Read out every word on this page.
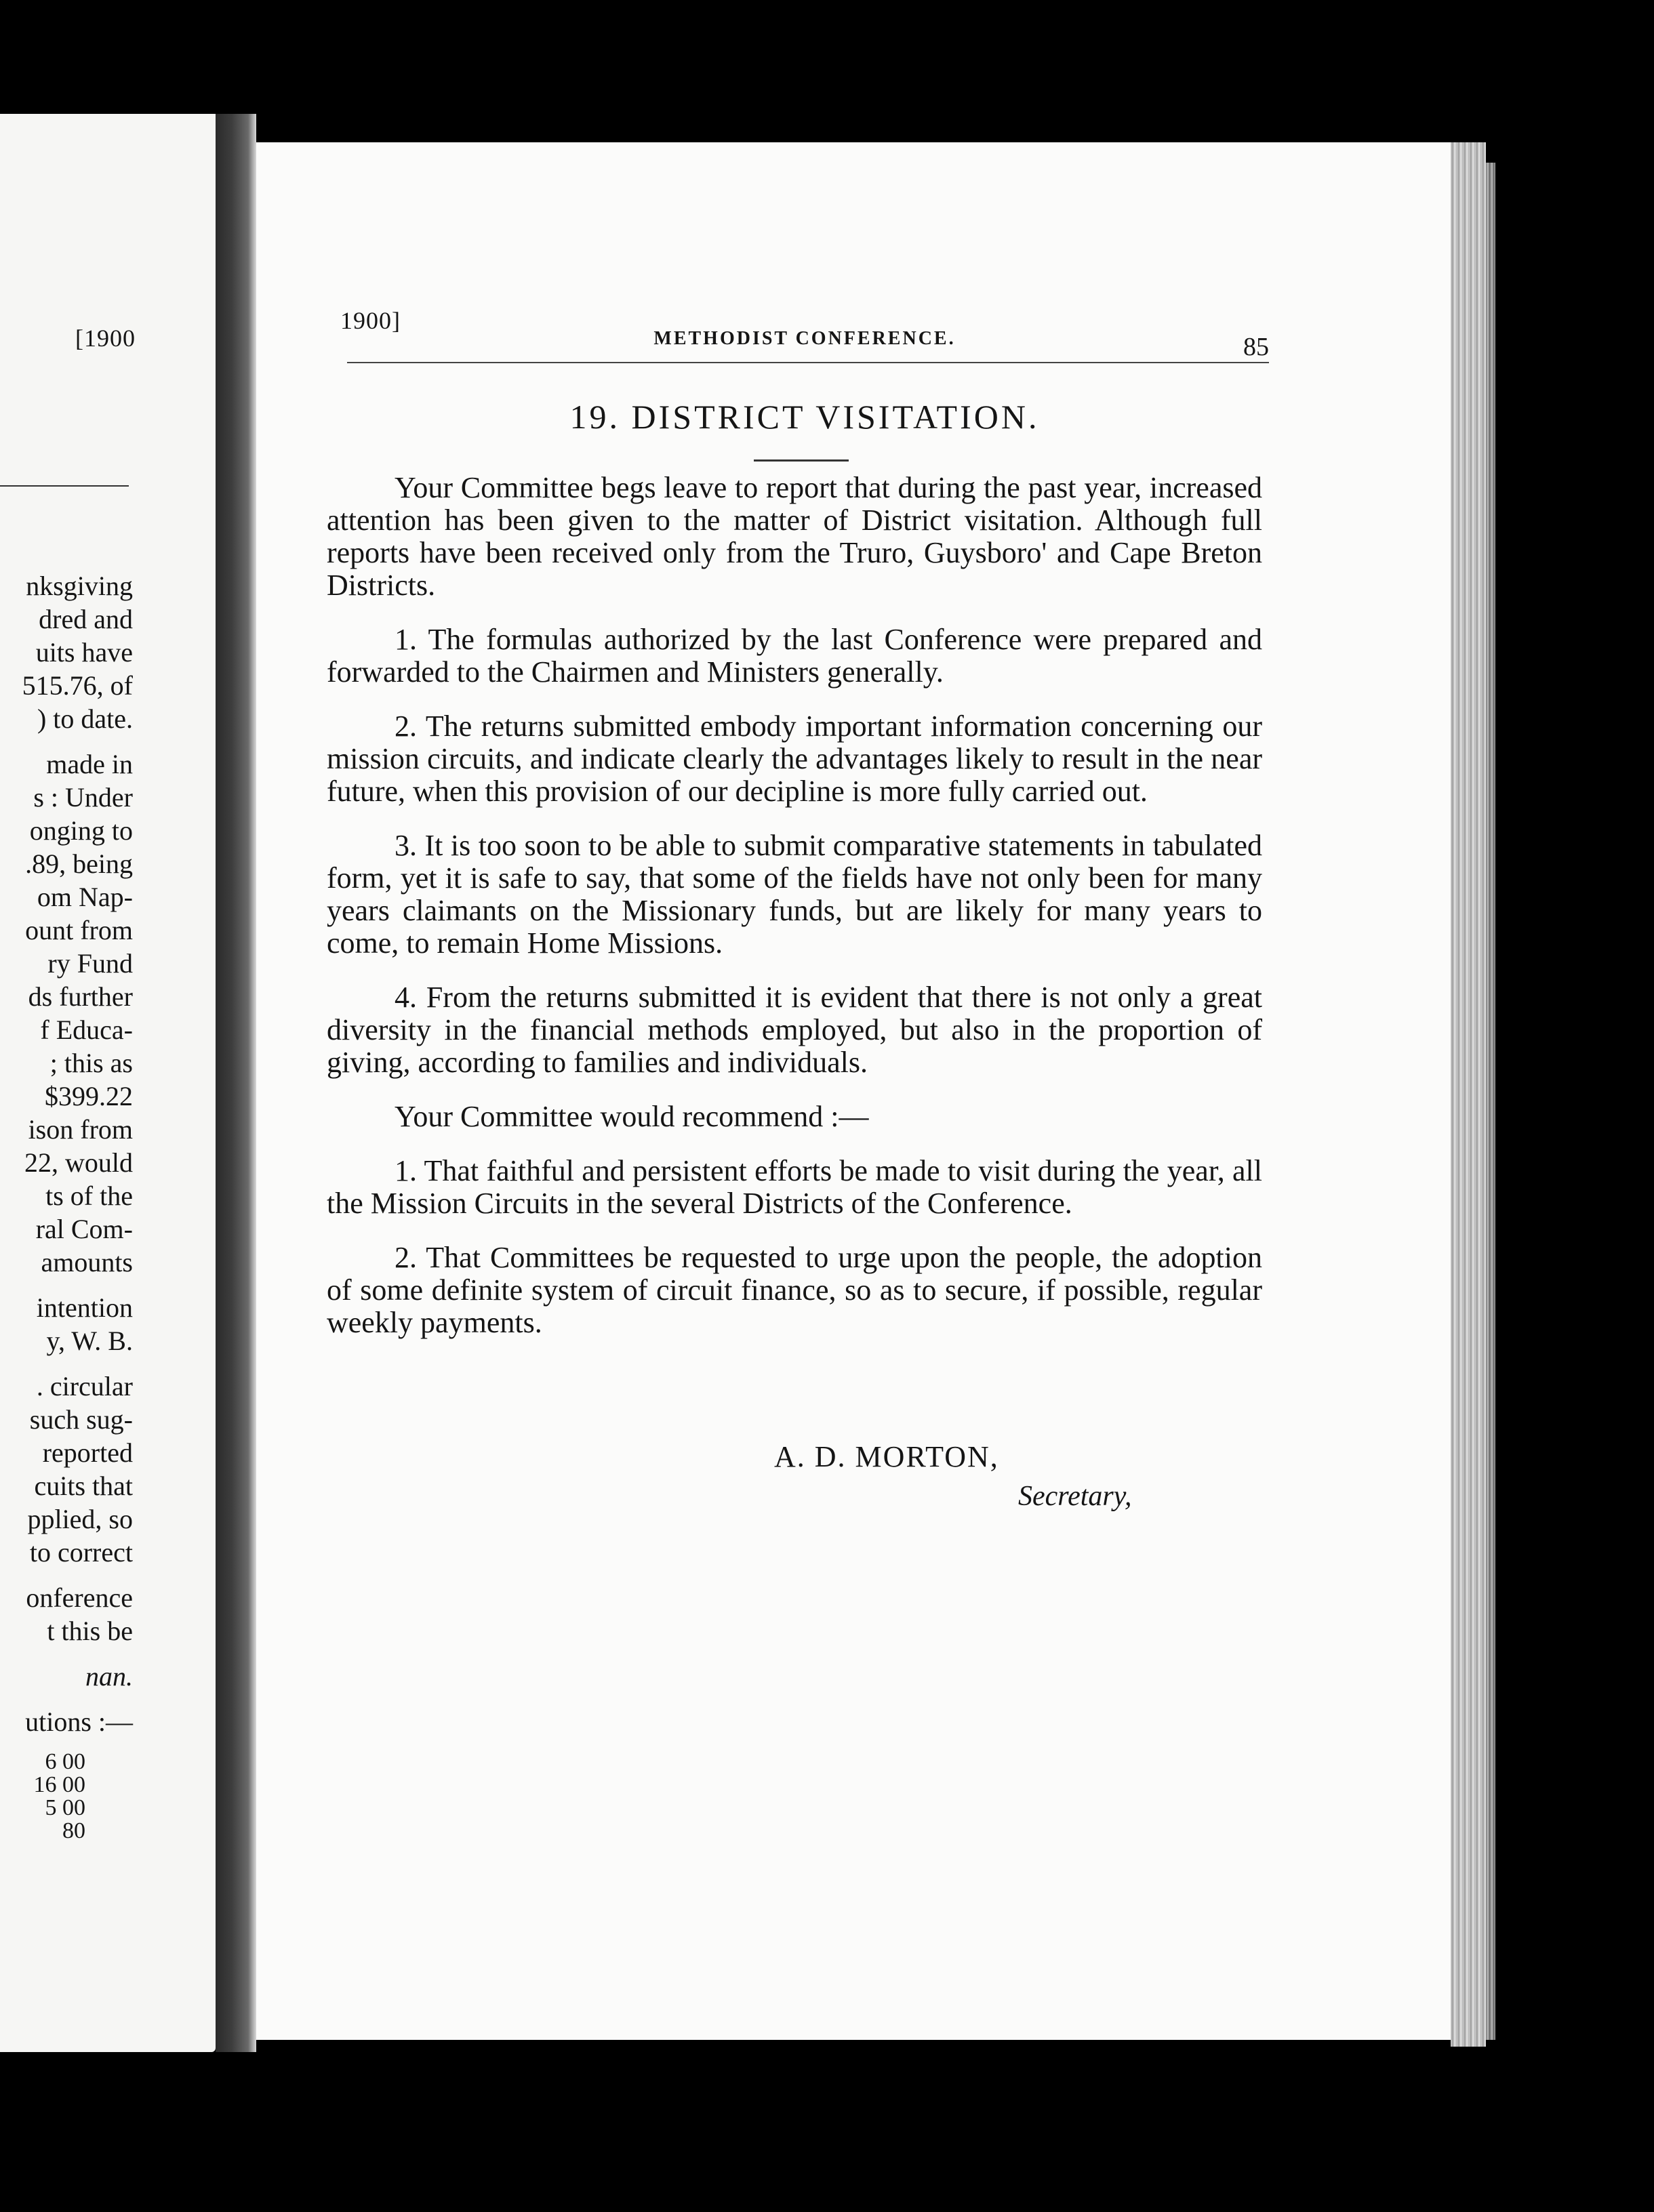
[1900
nksgiving
dred and
uits have
515.76, of
) to date.
made in
s : Under
onging to
.89, being
om Nap-
ount from
ry Fund
ds further
f Educa-
; this as
$399.22
ison from
22, would
ts of the
ral Com-
amounts
intention
y, W. B.
. circular
such sug-
reported
cuits that
pplied, so
to correct
onference
t this be
nan.
utions :—
6 00
16 00
5 00
80
1900]
METHODIST CONFERENCE.	85
19. DISTRICT VISITATION.

Your Committee begs leave to report that during the past year, increased attention has been given to the matter of District visitation. Although full reports have been received only from the Truro, Guysboro' and Cape Breton Districts.

1. The formulas authorized by the last Conference were prepared and forwarded to the Chairmen and Ministers generally.

2. The returns submitted embody important information concerning our mission circuits, and indicate clearly the advantages likely to result in the near future, when this provision of our decipline is more fully carried out.

3. It is too soon to be able to submit comparative statements in tabulated form, yet it is safe to say, that some of the fields have not only been for many years claimants on the Missionary funds, but are likely for many years to come, to remain Home Missions.

4. From the returns submitted it is evident that there is not only a great diversity in the financial methods employed, but also in the proportion of giving, according to families and individuals.

Your Committee would recommend :—

1. That faithful and persistent efforts be made to visit during the year, all the Mission Circuits in the several Districts of the Conference.

2. That Committees be requested to urge upon the people, the adoption of some definite system of circuit finance, so as to secure, if possible, regular weekly payments.

A. D. MORTON,
Secretary,
